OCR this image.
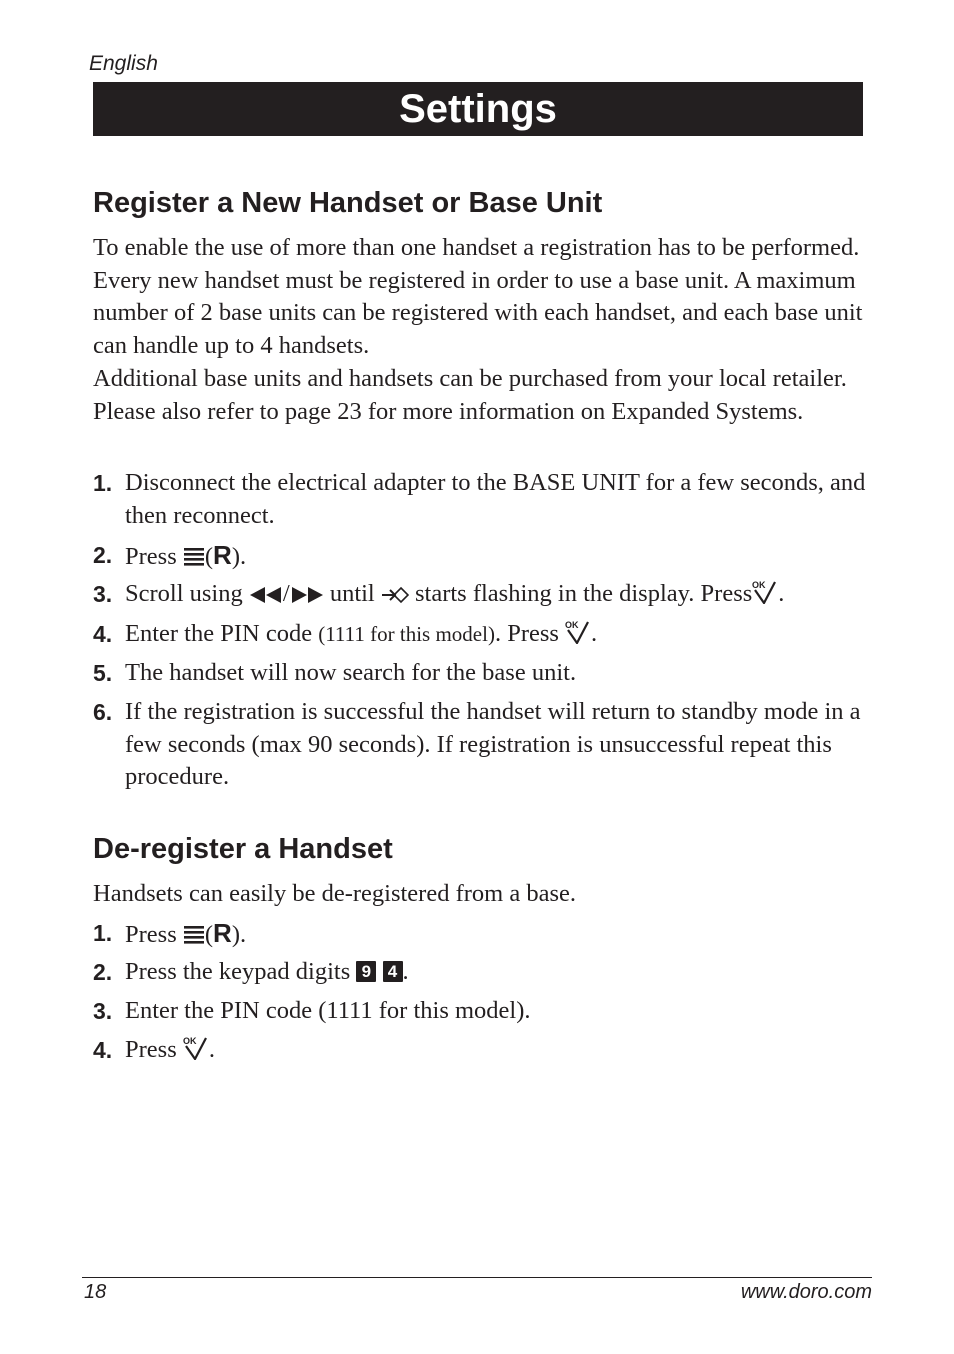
English
Settings
Register a New Handset or Base Unit

To enable the use of more than one handset a registration has to be performed. Every new handset must be registered in order to use a base unit. A maximum number of 2 base units can be registered with each handset, and each base unit can handle up to 4 handsets.

Additional base units and handsets can be purchased from your local retailer.

Please also refer to page 23 for more information on Expanded Systems.

1. Disconnect the electrical adapter to the BASE UNIT for a few seconds, and then reconnect.
2. Press (R).
3. Scroll using / until starts flashing in the display. Press OK .
4. Enter the PIN code (1111 for this model). Press OK .
5. The handset will now search for the base unit.
6. If the registration is successful the handset will return to standby mode in a few seconds (max 90 seconds). If registration is unsuccessful repeat this procedure.
De-register a Handset
Handsets can easily be de-registered from a base.
1. Press (R).
2. Press the keypad digits 9 4 .
3. Enter the PIN code (1111 for this model).
4. Press OK .
18	www.doro.com
